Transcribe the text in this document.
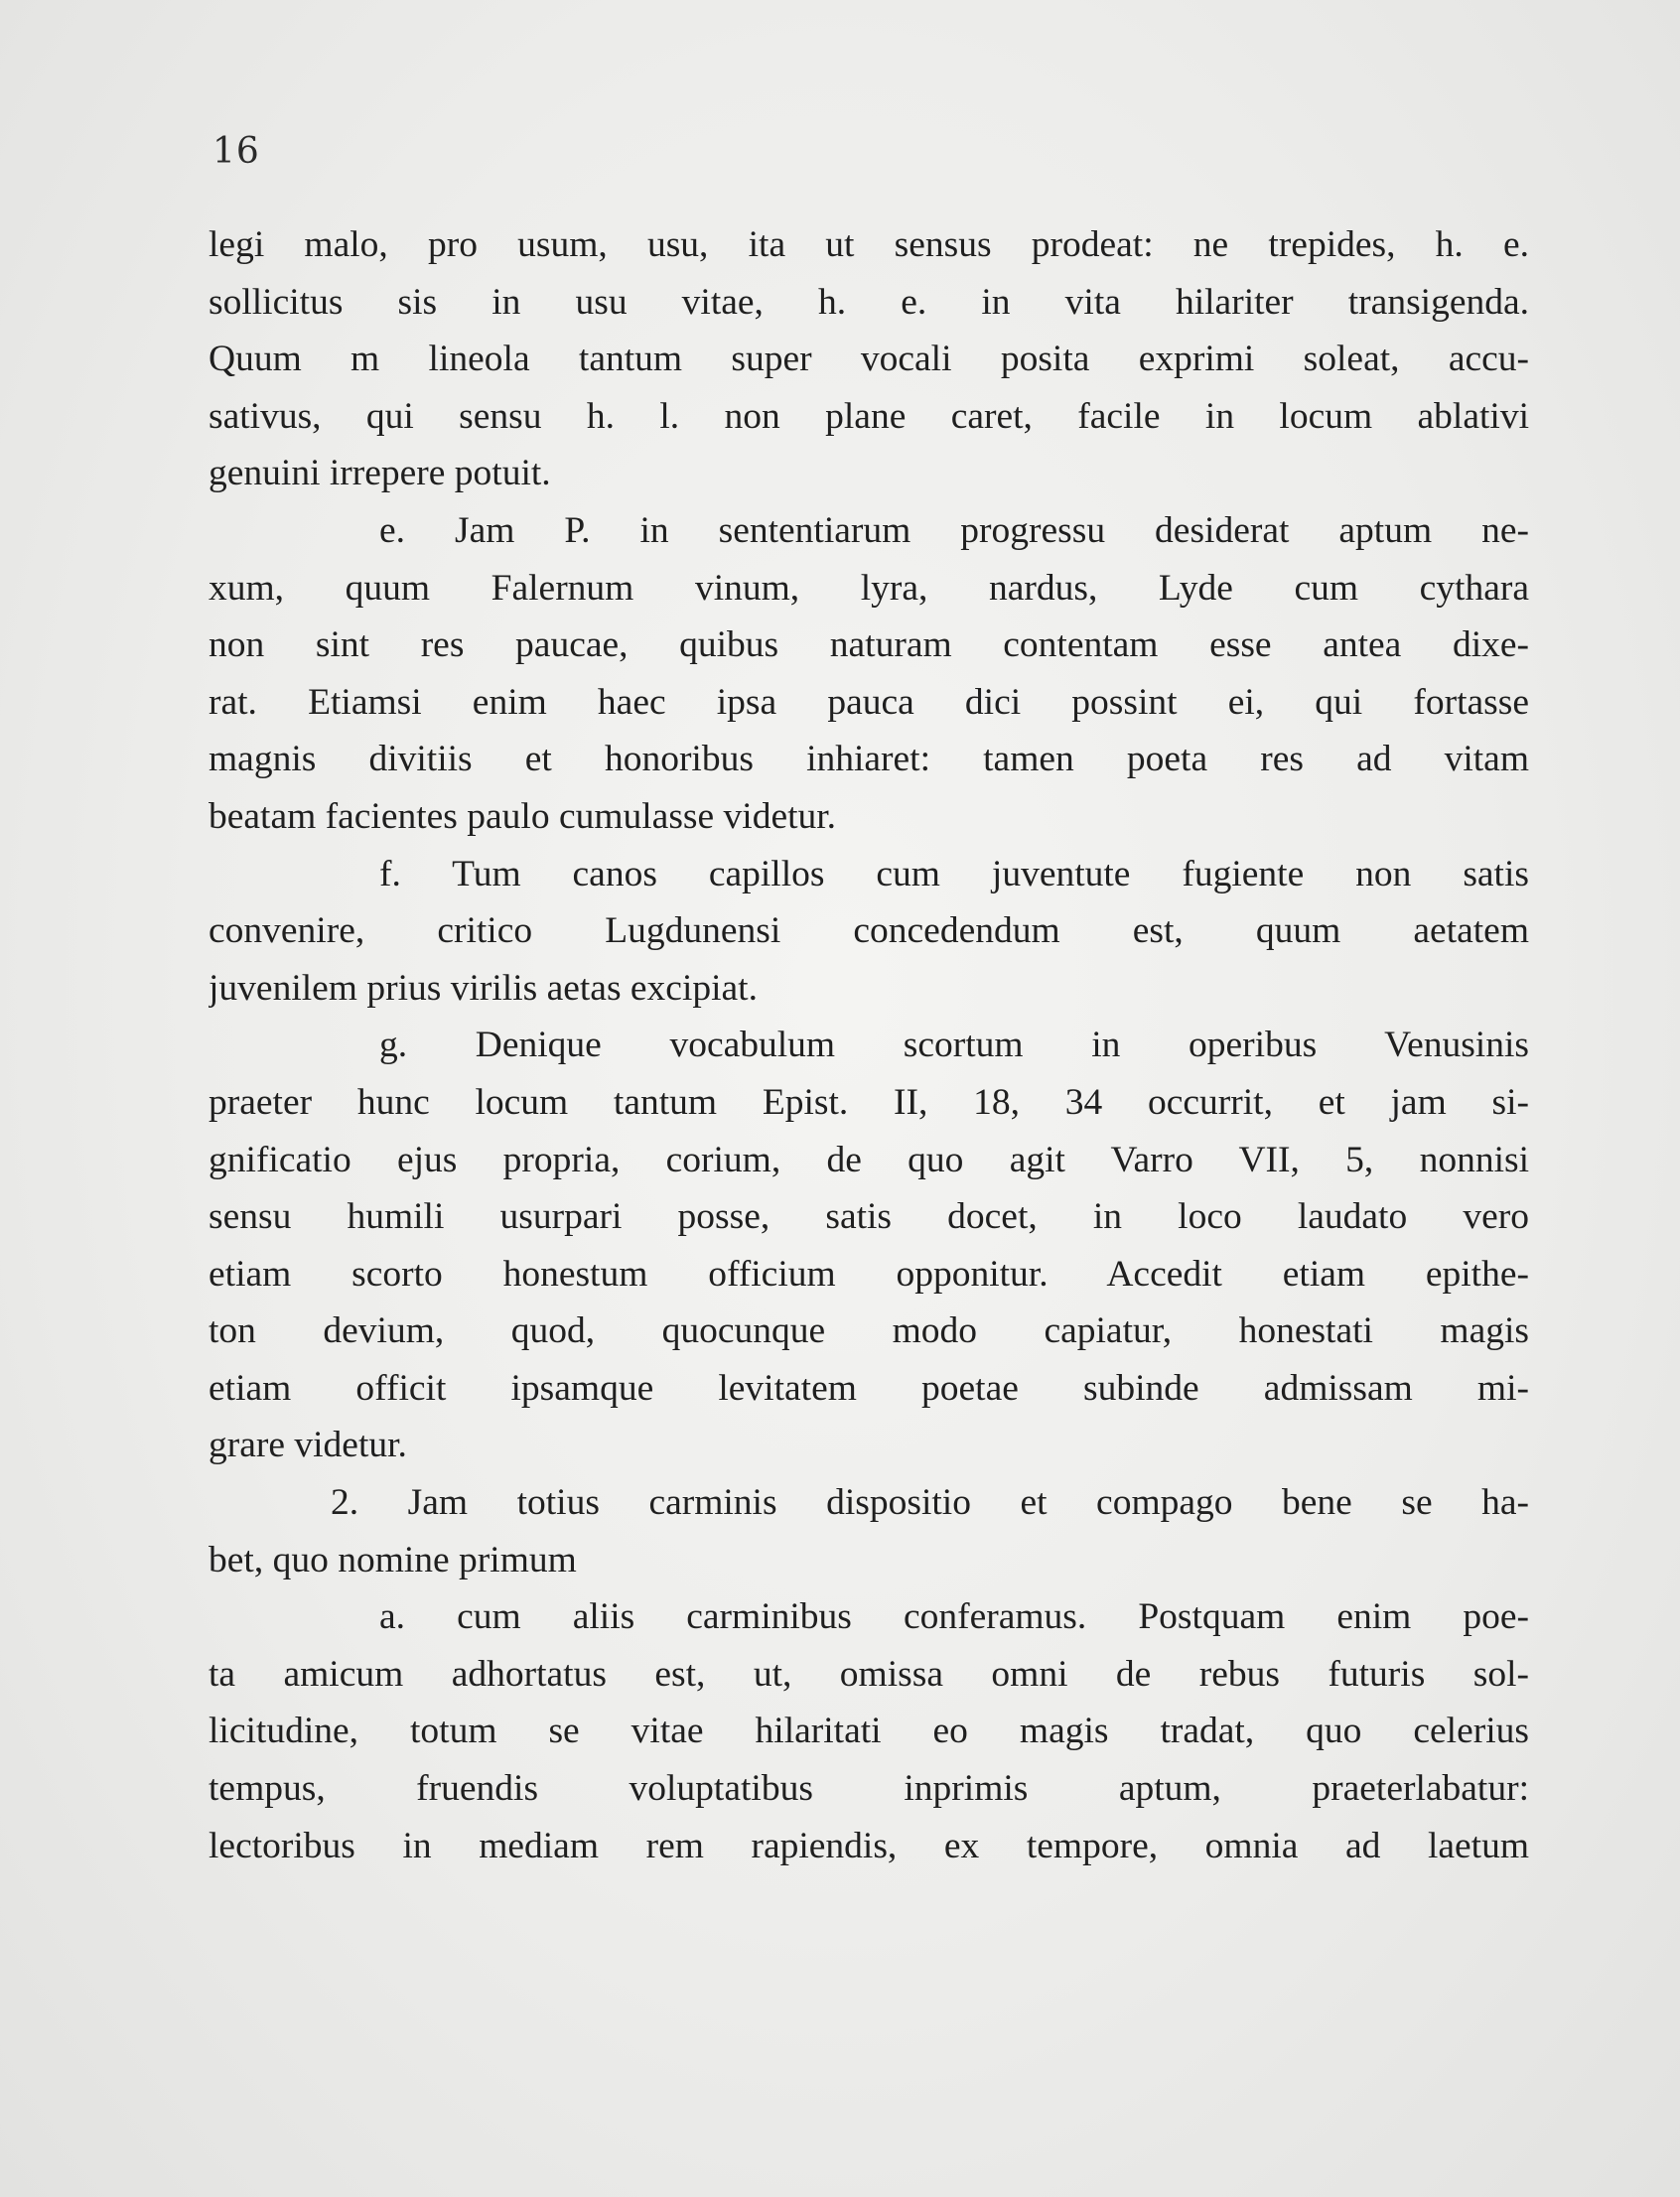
16
legi malo, pro usum, usu, ita ut sensus prodeat: ne trepides, h. e.
sollicitus sis in usu vitae, h. e. in vita hilariter transigenda.
Quum m lineola tantum super vocali posita exprimi soleat, accu-
sativus, qui sensu h. l. non plane caret, facile in locum ablativi
genuini irrepere potuit.
e. Jam P. in sententiarum progressu desiderat aptum ne-
xum, quum Falernum vinum, lyra, nardus, Lyde cum cythara
non sint res paucae, quibus naturam contentam esse antea dixe-
rat. Etiamsi enim haec ipsa pauca dici possint ei, qui fortasse
magnis divitiis et honoribus inhiaret: tamen poeta res ad vitam
beatam facientes paulo cumulasse videtur.
f. Tum canos capillos cum juventute fugiente non satis
convenire, critico Lugdunensi concedendum est, quum aetatem
juvenilem prius virilis aetas excipiat.
g. Denique vocabulum scortum in operibus Venusinis
praeter hunc locum tantum Epist. II, 18, 34 occurrit, et jam si-
gnificatio ejus propria, corium, de quo agit Varro VII, 5, nonnisi
sensu humili usurpari posse, satis docet, in loco laudato vero
etiam scorto honestum officium opponitur. Accedit etiam epithe-
ton devium, quod, quocunque modo capiatur, honestati magis
etiam officit ipsamque levitatem poetae subinde admissam mi-
grare videtur.
2. Jam totius carminis dispositio et compago bene se ha-
bet, quo nomine primum
a. cum aliis carminibus conferamus. Postquam enim poe-
ta amicum adhortatus est, ut, omissa omni de rebus futuris sol-
licitudine, totum se vitae hilaritati eo magis tradat, quo celerius
tempus, fruendis voluptatibus inprimis aptum, praeterlabatur:
lectoribus in mediam rem rapiendis, ex tempore, omnia ad laetum
